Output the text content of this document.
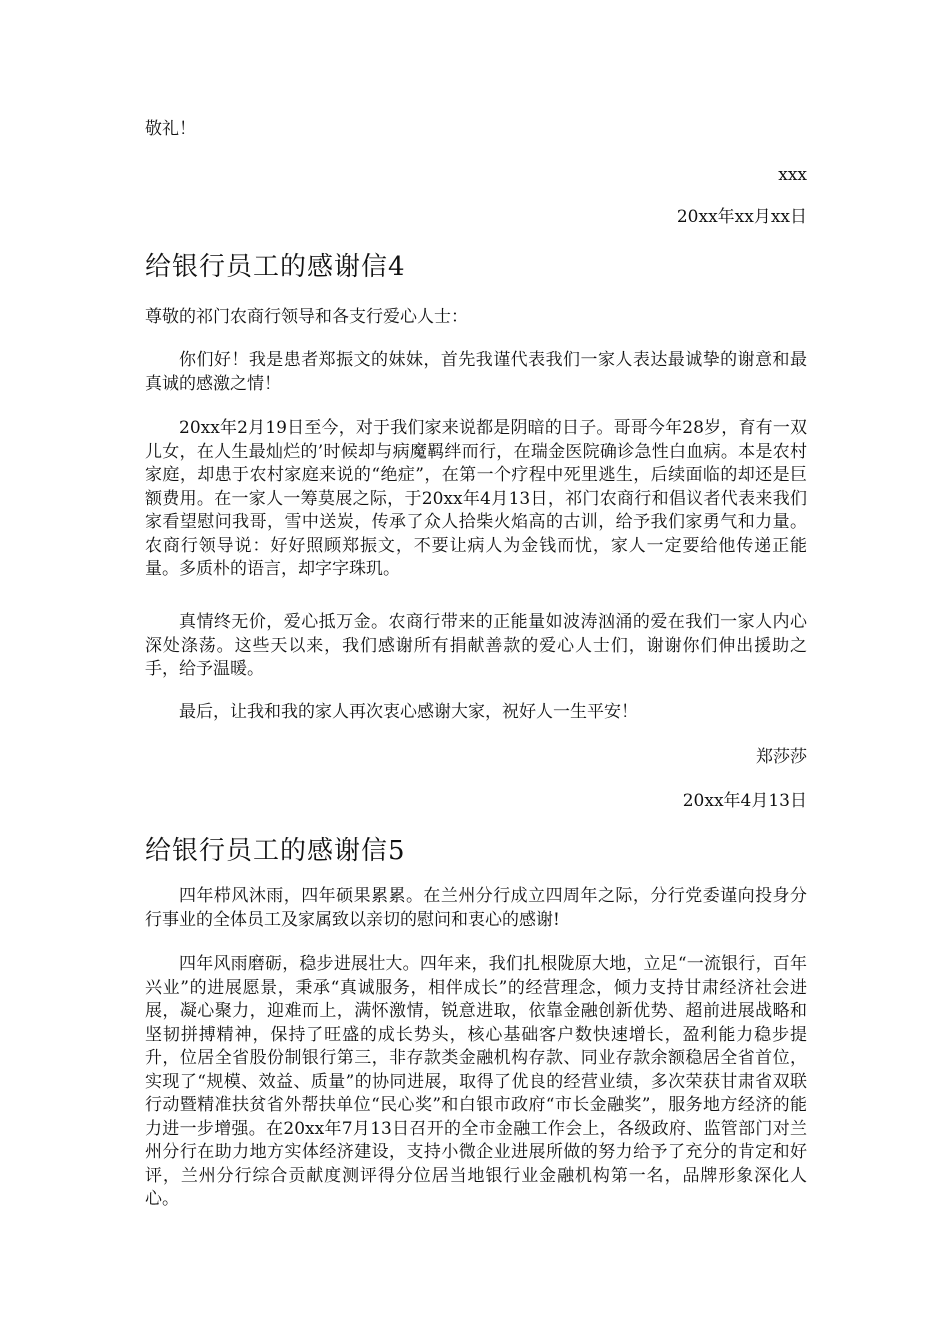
敬礼！

xxx

20xx年xx月xx日

给银行员工的感谢信4

尊敬的祁门农商行领导和各支行爱心人士：

你们好！我是患者郑振文的妹妹，首先我谨代表我们一家人表达最诚挚的谢意和最真诚的感激之情！

20xx年2月19日至今，对于我们家来说都是阴暗的日子。哥哥今年28岁，育有一双儿女，在人生最灿烂的’时候却与病魔羁绊而行，在瑞金医院确诊急性白血病。本是农村家庭，却患于农村家庭来说的“绝症”，在第一个疗程中死里逃生，后续面临的却还是巨额费用。在一家人一筹莫展之际，于20xx年4月13日，祁门农商行和倡议者代表来我们家看望慰问我哥，雪中送炭，传承了众人拾柴火焰高的古训，给予我们家勇气和力量。农商行领导说：好好照顾郑振文，不要让病人为金钱而忧，家人一定要给他传递正能量。多质朴的语言，却字字珠玑。

真情终无价，爱心抵万金。农商行带来的正能量如波涛汹涌的爱在我们一家人内心深处涤荡。这些天以来，我们感谢所有捐献善款的爱心人士们，谢谢你们伸出援助之手，给予温暖。

最后，让我和我的家人再次衷心感谢大家，祝好人一生平安！

郑莎莎

20xx年4月13日

给银行员工的感谢信5

四年栉风沐雨，四年硕果累累。在兰州分行成立四周年之际，分行党委谨向投身分行事业的全体员工及家属致以亲切的慰问和衷心的感谢!

四年风雨磨砺，稳步进展壮大。四年来，我们扎根陇原大地，立足“一流银行，百年兴业”的进展愿景，秉承“真诚服务，相伴成长”的经营理念，倾力支持甘肃经济社会进展，凝心聚力，迎难而上，满怀激情，锐意进取，依靠金融创新优势、超前进展战略和坚韧拼搏精神，保持了旺盛的成长势头，核心基础客户数快速增长，盈利能力稳步提升，位居全省股份制银行第三，非存款类金融机构存款、同业存款余额稳居全省首位，实现了“规模、效益、质量”的协同进展，取得了优良的经营业绩，多次荣获甘肃省双联行动暨精准扶贫省外帮扶单位“民心奖”和白银市政府“市长金融奖”，服务地方经济的能力进一步增强。在20xx年7月13日召开的全市金融工作会上，各级政府、监管部门对兰州分行在助力地方实体经济建设，支持小微企业进展所做的努力给予了充分的肯定和好评，兰州分行综合贡献度测评得分位居当地银行业金融机构第一名，品牌形象深化人心。
